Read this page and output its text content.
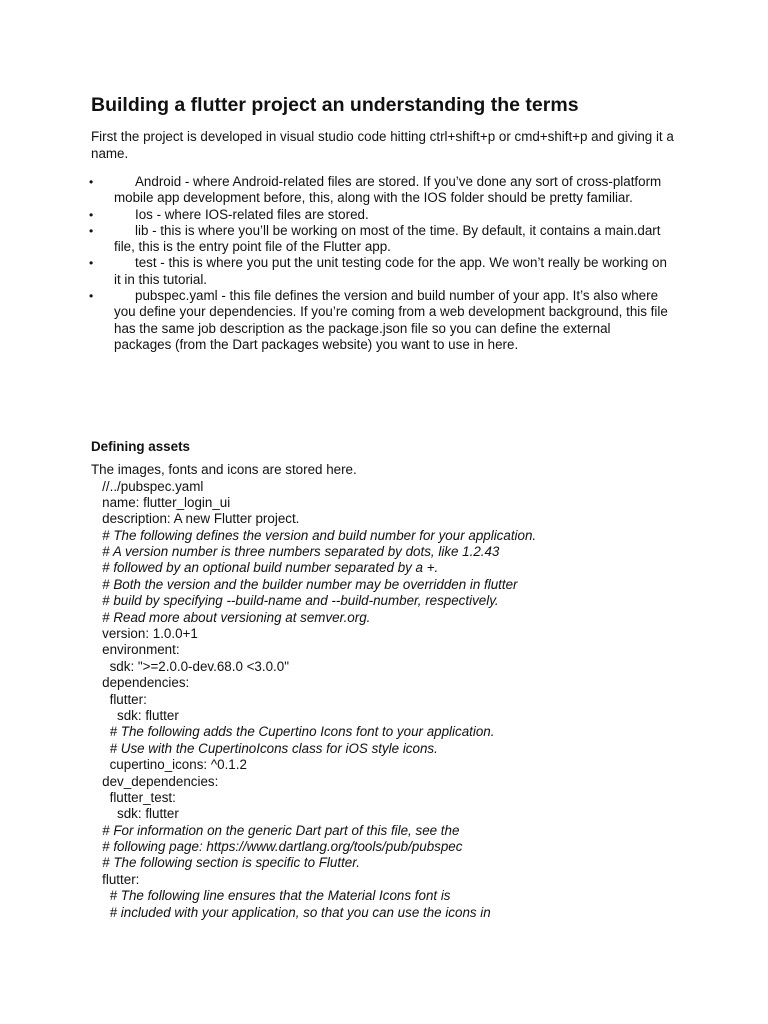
Building a flutter project an understanding the terms

First the project is developed in visual studio code hitting ctrl+shift+p or cmd+shift+p and giving it a name.

•	Android - where Android-related files are stored. If you’ve done any sort of cross-platform mobile app development before, this, along with the IOS folder should be pretty familiar.
•	Ios - where IOS-related files are stored.
•	lib - this is where you’ll be working on most of the time. By default, it contains a main.dart file, this is the entry point file of the Flutter app.
•	test - this is where you put the unit testing code for the app. We won’t really be working on it in this tutorial.
•	pubspec.yaml - this file defines the version and build number of your app. It’s also where you define your dependencies. If you’re coming from a web development background, this file has the same job description as the package.json file so you can define the external packages (from the Dart packages website) you want to use in here.
Defining assets

The images, fonts and icons are stored here.

//../pubspec.yaml
name: flutter_login_ui
description: A new Flutter project.
# The following defines the version and build number for your application.
# A version number is three numbers separated by dots, like 1.2.43
# followed by an optional build number separated by a +.
# Both the version and the builder number may be overridden in flutter
# build by specifying --build-name and --build-number, respectively.
# Read more about versioning at semver.org.
version: 1.0.0+1
environment:
sdk: ">=2.0.0-dev.68.0 <3.0.0"
dependencies:
flutter:
sdk: flutter
# The following adds the Cupertino Icons font to your application.
# Use with the CupertinoIcons class for iOS style icons.
cupertino_icons: ^0.1.2
dev_dependencies:
flutter_test:
sdk: flutter
# For information on the generic Dart part of this file, see the
# following page: https://www.dartlang.org/tools/pub/pubspec
# The following section is specific to Flutter.
flutter:
# The following line ensures that the Material Icons font is
# included with your application, so that you can use the icons in
